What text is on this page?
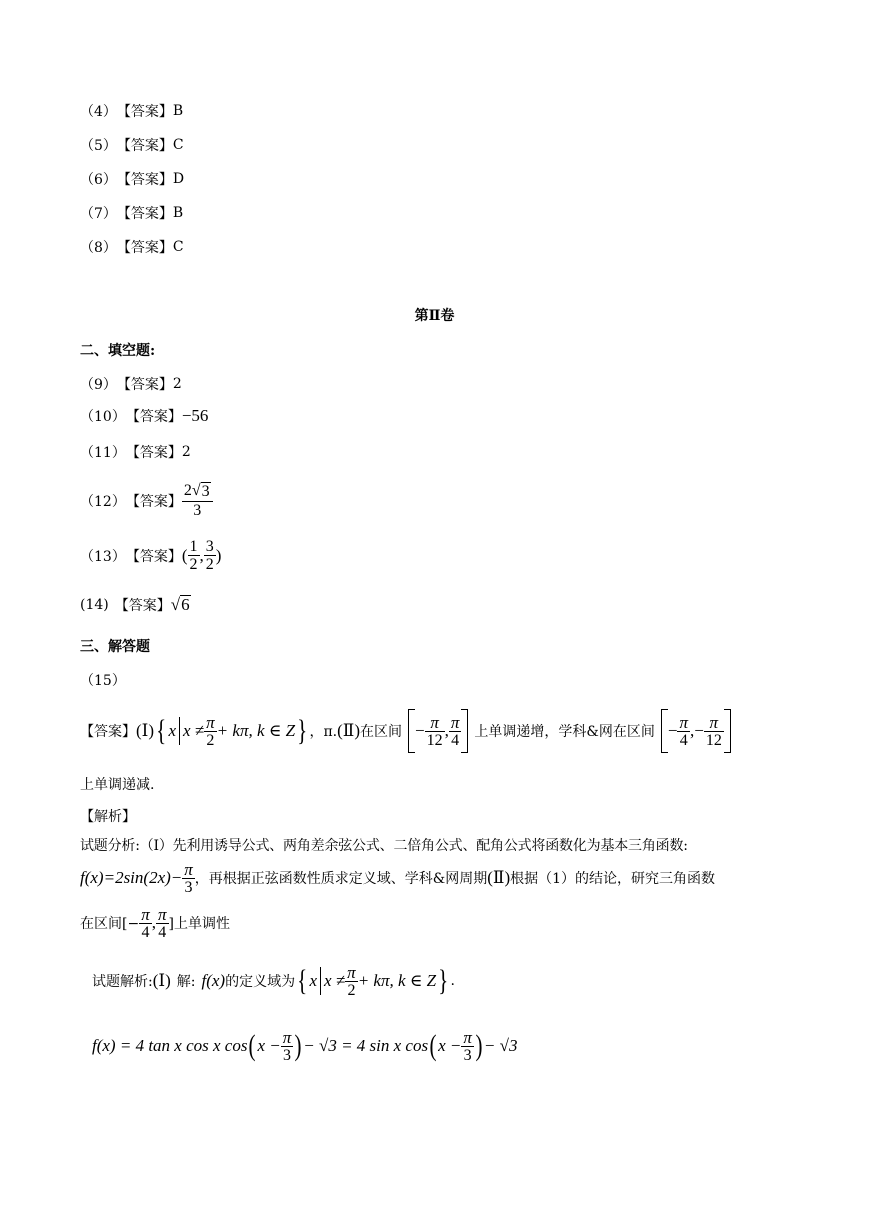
（4） 【答案】 B
（5） 【答案】 C
（6） 【答案】 D
（7） 【答案】 B
（8） 【答案】 C
第Ⅱ卷
二、填空题:
（9） 【答案】 2
（10） 【答案】 −56
（11） 【答案】 2
（12） 【答案】 $\frac{2 √ 3}{3}$
（13） 【答案】 ( $\frac{1}{2}$ , $\frac{3}{2}$ )
(14) 【答案】 √ 6
三、解答题
（15）
【答案】 (Ⅰ) { x $x \ne \frac{\pi}{2} + k\pi$, k ∈ Z } ，π. (Ⅱ) 在区间 − $\frac{\pi}{12}$ , $\frac{\pi}{4}$ 上单调递增，学科&网在区间 − $\frac{\pi}{4}$ , − $\frac{\pi}{12}$
上单调递减.
【解析】
试题分析:（Ⅰ）先利用诱导公式、两角差余弦公式、二倍角公式、配角公式将函数化为基本三角函数:
$f(x)=2\sin(2x)- \frac{\pi}{3}$ ，再根据正弦函数性质求定义域、学科&网周期 (Ⅱ) 根据（1）的结论，研究三角函数
在区间[− $\frac{\pi}{4}$ , $\frac{\pi}{4}$ ]上单调性
试题解析: (Ⅰ) 解: f(x) 的定义域为 { x $x \ne \frac{\pi}{2} + k\pi$, k ∈ Z } .
f(x) = 4 tan x cos x cos ( $x - \frac{\pi}{3}$ ) − √3 = 4 sin x cos ( $x - \frac{\pi}{3}$ ) − √3
